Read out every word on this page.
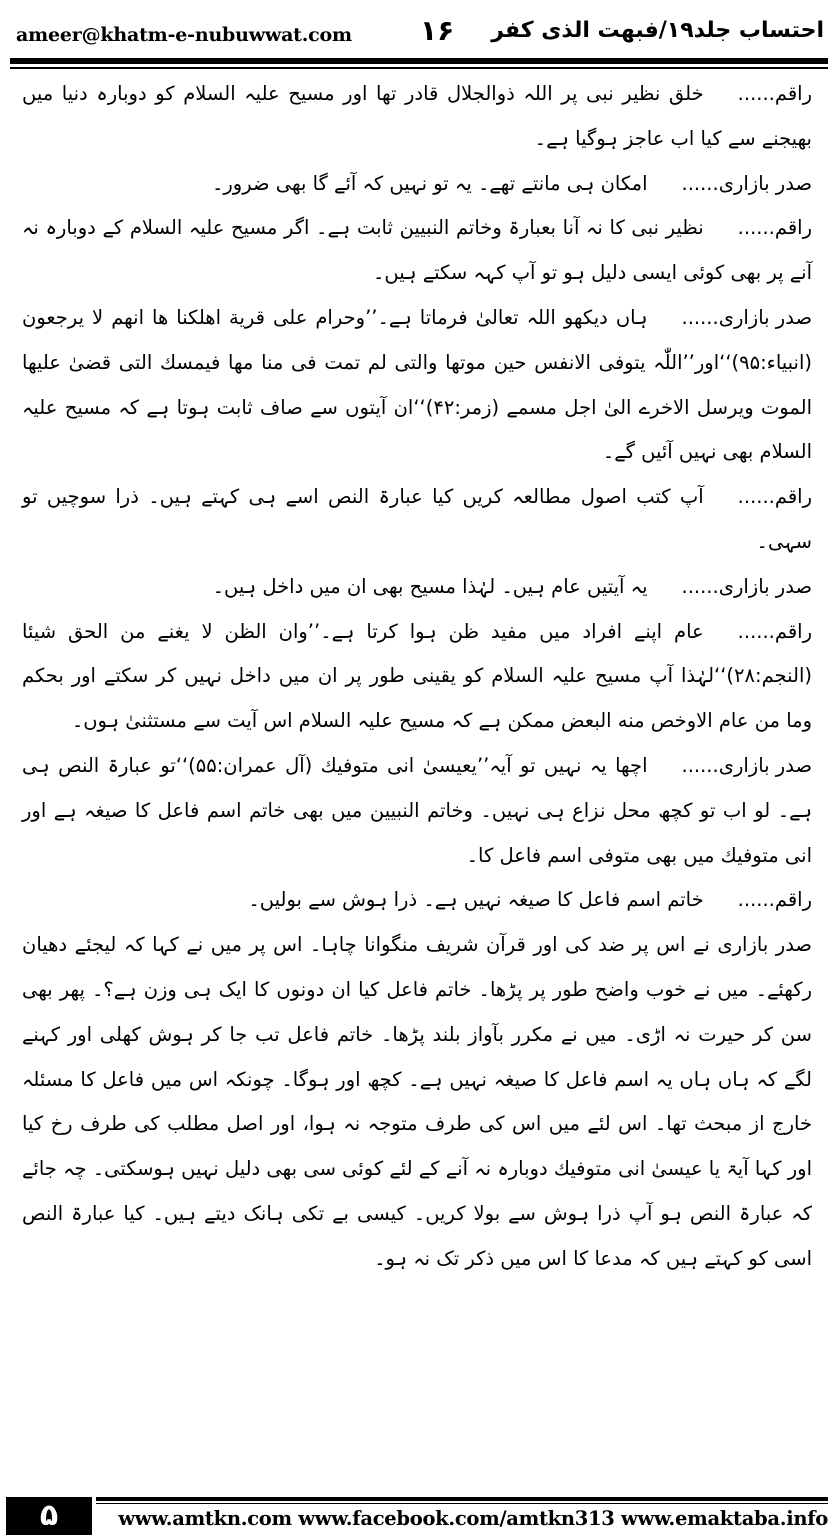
ameer@khatm-e-nubuwwat.com ۱۶ احتساب جلد۱۹/فبهت الذی کفر

راقم......خلق نظیر نبی پر اللہ ذوالجلال قادر تھا اور مسیح علیہ السلام کو دوبارہ دنیا میں بھیجنے سے کیا اب عاجز ہوگیا ہے۔

صدر بازاری......امکان ہی مانتے تھے۔ یہ تو نہیں کہ آئے گا بھی ضرور۔

راقم......نظیر نبی کا نہ آنا بعبارۃ وخاتم النبیین ثابت ہے۔ اگر مسیح علیہ السلام کے دوبارہ نہ آنے پر بھی کوئی ایسی دلیل ہو تو آپ کہہ سکتے ہیں۔

صدر بازاری......ہاں دیکھو اللہ تعالیٰ فرماتا ہے۔’’وحرام علی قریة اھلکنا ھا انھم لا یرجعون (انبیاء:۹۵)‘‘اور’’اللّٰہ یتوفی الانفس حین موتھا والتی لم تمت فی منا مھا فیمسك التی قضیٰ علیھا الموت ویرسل الاخرے الیٰ اجل مسمے (زمر:۴۲)‘‘ان آیتوں سے صاف ثابت ہوتا ہے کہ مسیح علیہ السلام بھی نہیں آئیں گے۔

راقم......آپ کتب اصول مطالعہ کریں کیا عبارۃ النص اسے ہی کہتے ہیں۔ ذرا سوچیں تو سہی۔

صدر بازاری......یہ آیتیں عام ہیں۔ لہٰذا مسیح بھی ان میں داخل ہیں۔

راقم......عام اپنے افراد میں مفید ظن ہوا کرتا ہے۔’’وان الظن لا یغنے من الحق شیئا (النجم:۲۸)‘‘لہٰذا آپ مسیح علیہ السلام کو یقینی طور پر ان میں داخل نہیں کر سکتے اور بحکم وما من عام الاوخص منه البعض ممکن ہے کہ مسیح علیہ السلام اس آیت سے مستثنیٰ ہوں۔

صدر بازاری......اچھا یہ نہیں تو آیہ’’یعیسیٰ انی متوفیك (آل عمران:۵۵)‘‘تو عبارۃ النص ہی ہے۔ لو اب تو کچھ محل نزاع ہی نہیں۔ وخاتم النبیین میں بھی خاتم اسم فاعل کا صیغہ ہے اور انی متوفیك میں بھی متوفی اسم فاعل کا۔

راقم......خاتم اسم فاعل کا صیغہ نہیں ہے۔ ذرا ہوش سے بولیں۔

صدر بازاری نے اس پر ضد کی اور قرآن شریف منگوانا چاہا۔ اس پر میں نے کہا کہ لیجئے دھیان رکھئے۔ میں نے خوب واضح طور پر پڑھا۔ خاتم فاعل کیا ان دونوں کا ایک ہی وزن ہے؟۔ پھر بھی سن کر حیرت نہ اڑی۔ میں نے مکرر بآواز بلند پڑھا۔ خاتم فاعل تب جا کر ہوش کھلی اور کہنے لگے کہ ہاں ہاں یہ اسم فاعل کا صیغہ نہیں ہے۔ کچھ اور ہوگا۔ چونکہ اس میں فاعل کا مسئلہ خارج از مبحث تھا۔ اس لئے میں اس کی طرف متوجہ نہ ہوا، اور اصل مطلب کی طرف رخ کیا اور کہا آیۃ یا عیسیٰ انی متوفیك دوبارہ نہ آنے کے لئے کوئی سی بھی دلیل نہیں ہوسکتی۔ چہ جائے کہ عبارۃ النص ہو آپ ذرا ہوش سے بولا کریں۔ کیسی بے تکی ہانک دیتے ہیں۔ کیا عبارۃ النص اسی کو کہتے ہیں کہ مدعا کا اس میں ذکر تک نہ ہو۔

۵	www.amtkn.com www.facebook.com/amtkn313 www.emaktaba.info
